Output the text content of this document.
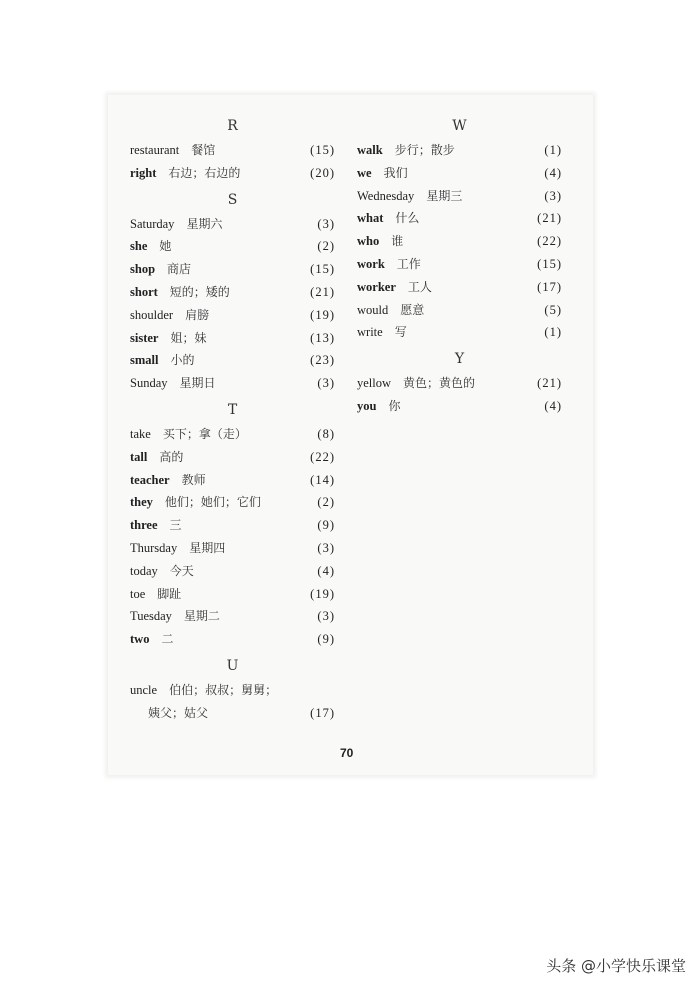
R
restaurant 餐馆	(15)
right 右边；右边的	(20)
S
Saturday 星期六	(3)
she 她	(2)
shop 商店	(15)
short 短的；矮的	(21)
shoulder 肩膀	(19)
sister 姐；妹	(13)
small 小的	(23)
Sunday 星期日	(3)
T
take 买下；拿（走）	(8)
tall 高的	(22)
teacher 教师	(14)
they 他们；她们；它们	(2)
three 三	(9)
Thursday 星期四	(3)
today 今天	(4)
toe 脚趾	(19)
Tuesday 星期二	(3)
two 二	(9)
U
uncle 伯伯；叔叔；舅舅；
姨父；姑父	(17)
W
walk 步行；散步	(1)
we 我们	(4)
Wednesday 星期三	(3)
what 什么	(21)
who 谁	(22)
work 工作	(15)
worker 工人	(17)
would 愿意	(5)
write 写	(1)
Y
yellow 黄色；黄色的	(21)
you 你	(4)
70
头条 @小学快乐课堂
